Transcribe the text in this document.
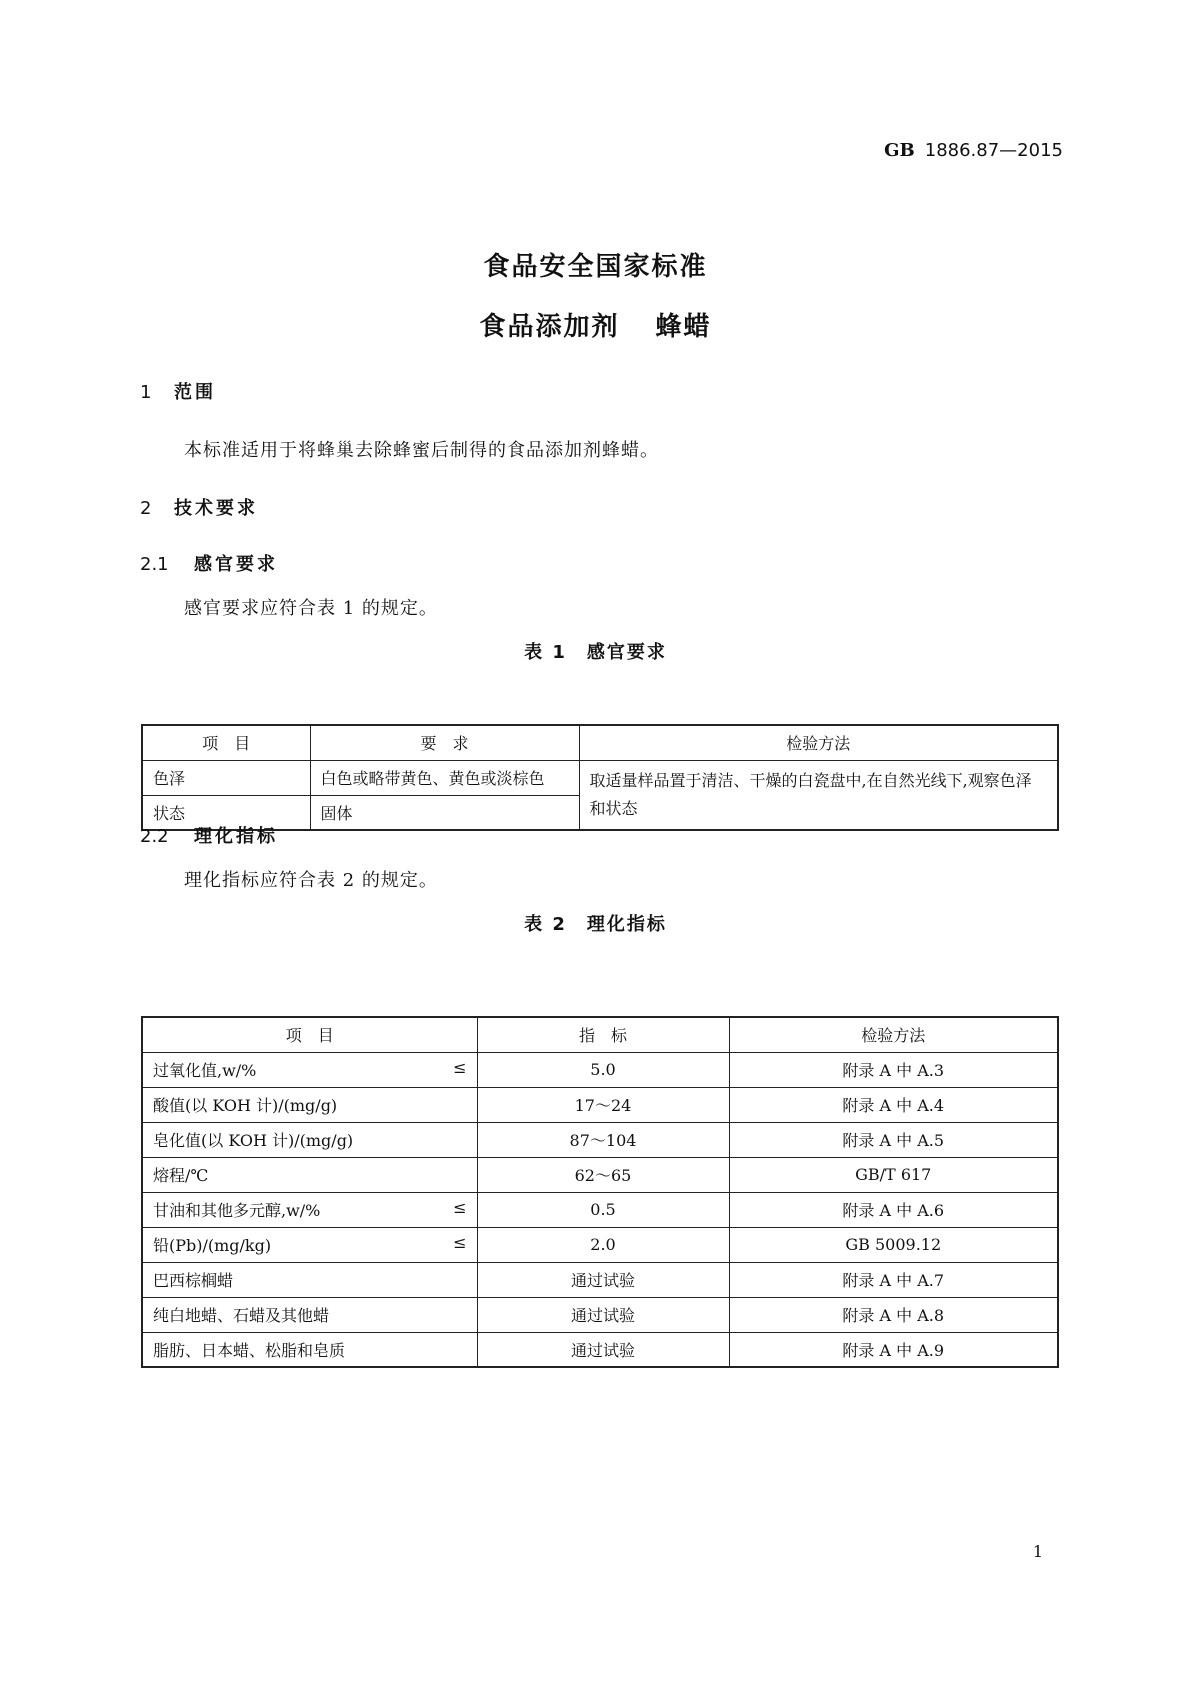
GB 1886.87—2015
食品安全国家标准
食品添加剂 蜂蜡
1 范围
本标准适用于将蜂巢去除蜂蜜后制得的食品添加剂蜂蜡。
2 技术要求
2.1 感官要求
感官要求应符合表 1 的规定。
表 1 感官要求
项　目	要　求	检验方法
色泽	白色或略带黄色、黄色或淡棕色	取适量样品置于清洁、干燥的白瓷盘中,在自然光线下,观察色泽和状态
状态	固体	
2.2 理化指标
理化指标应符合表 2 的规定。
表 2 理化指标
项　目	指　标	检验方法

过氧化值,w/% ≤	5.0	附录 A 中 A.3

酸值(以 KOH 计)/(mg/g)	17～24	附录 A 中 A.4

皂化值(以 KOH 计)/(mg/g)	87～104	附录 A 中 A.5

熔程/℃	62～65	GB/T 617

甘油和其他多元醇,w/% ≤	0.5	附录 A 中 A.6

铅(Pb)/(mg/kg) ≤	2.0	GB 5009.12

巴西棕榈蜡	通过试验	附录 A 中 A.7

纯白地蜡、石蜡及其他蜡	通过试验	附录 A 中 A.8

脂肪、日本蜡、松脂和皂质	通过试验	附录 A 中 A.9
1
